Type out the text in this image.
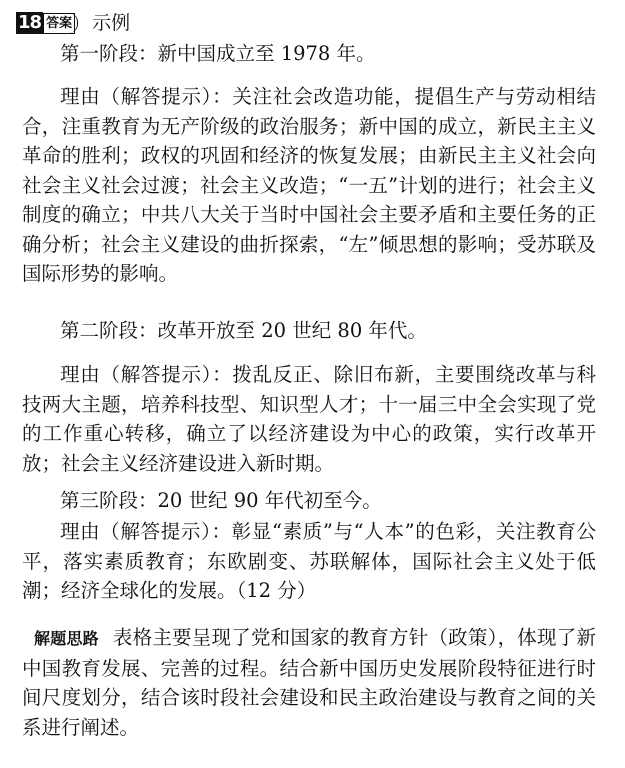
18 答案 示例
第一阶段：新中国成立至 1978 年。
理由（解答提示）：关注社会改造功能，提倡生产与劳动相结合，注重教育为无产阶级的政治服务；新中国的成立，新民主主义革命的胜利；政权的巩固和经济的恢复发展；由新民主主义社会向社会主义社会过渡；社会主义改造；“一五”计划的进行；社会主义制度的确立；中共八大关于当时中国社会主要矛盾和主要任务的正确分析；社会主义建设的曲折探索，“左”倾思想的影响；受苏联及国际形势的影响。
第二阶段：改革开放至 20 世纪 80 年代。
理由（解答提示）：拨乱反正、除旧布新，主要围绕改革与科技两大主题，培养科技型、知识型人才；十一届三中全会实现了党的工作重心转移，确立了以经济建设为中心的政策，实行改革开放；社会主义经济建设进入新时期。
第三阶段：20 世纪 90 年代初至今。
理由（解答提示）：彰显“素质”与“人本”的色彩，关注教育公平，落实素质教育；东欧剧变、苏联解体，国际社会主义处于低潮；经济全球化的发展。（12 分）
解题思路 表格主要呈现了党和国家的教育方针（政策），体现了新中国教育发展、完善的过程。结合新中国历史发展阶段特征进行时间尺度划分，结合该时段社会建设和民主政治建设与教育之间的关系进行阐述。
